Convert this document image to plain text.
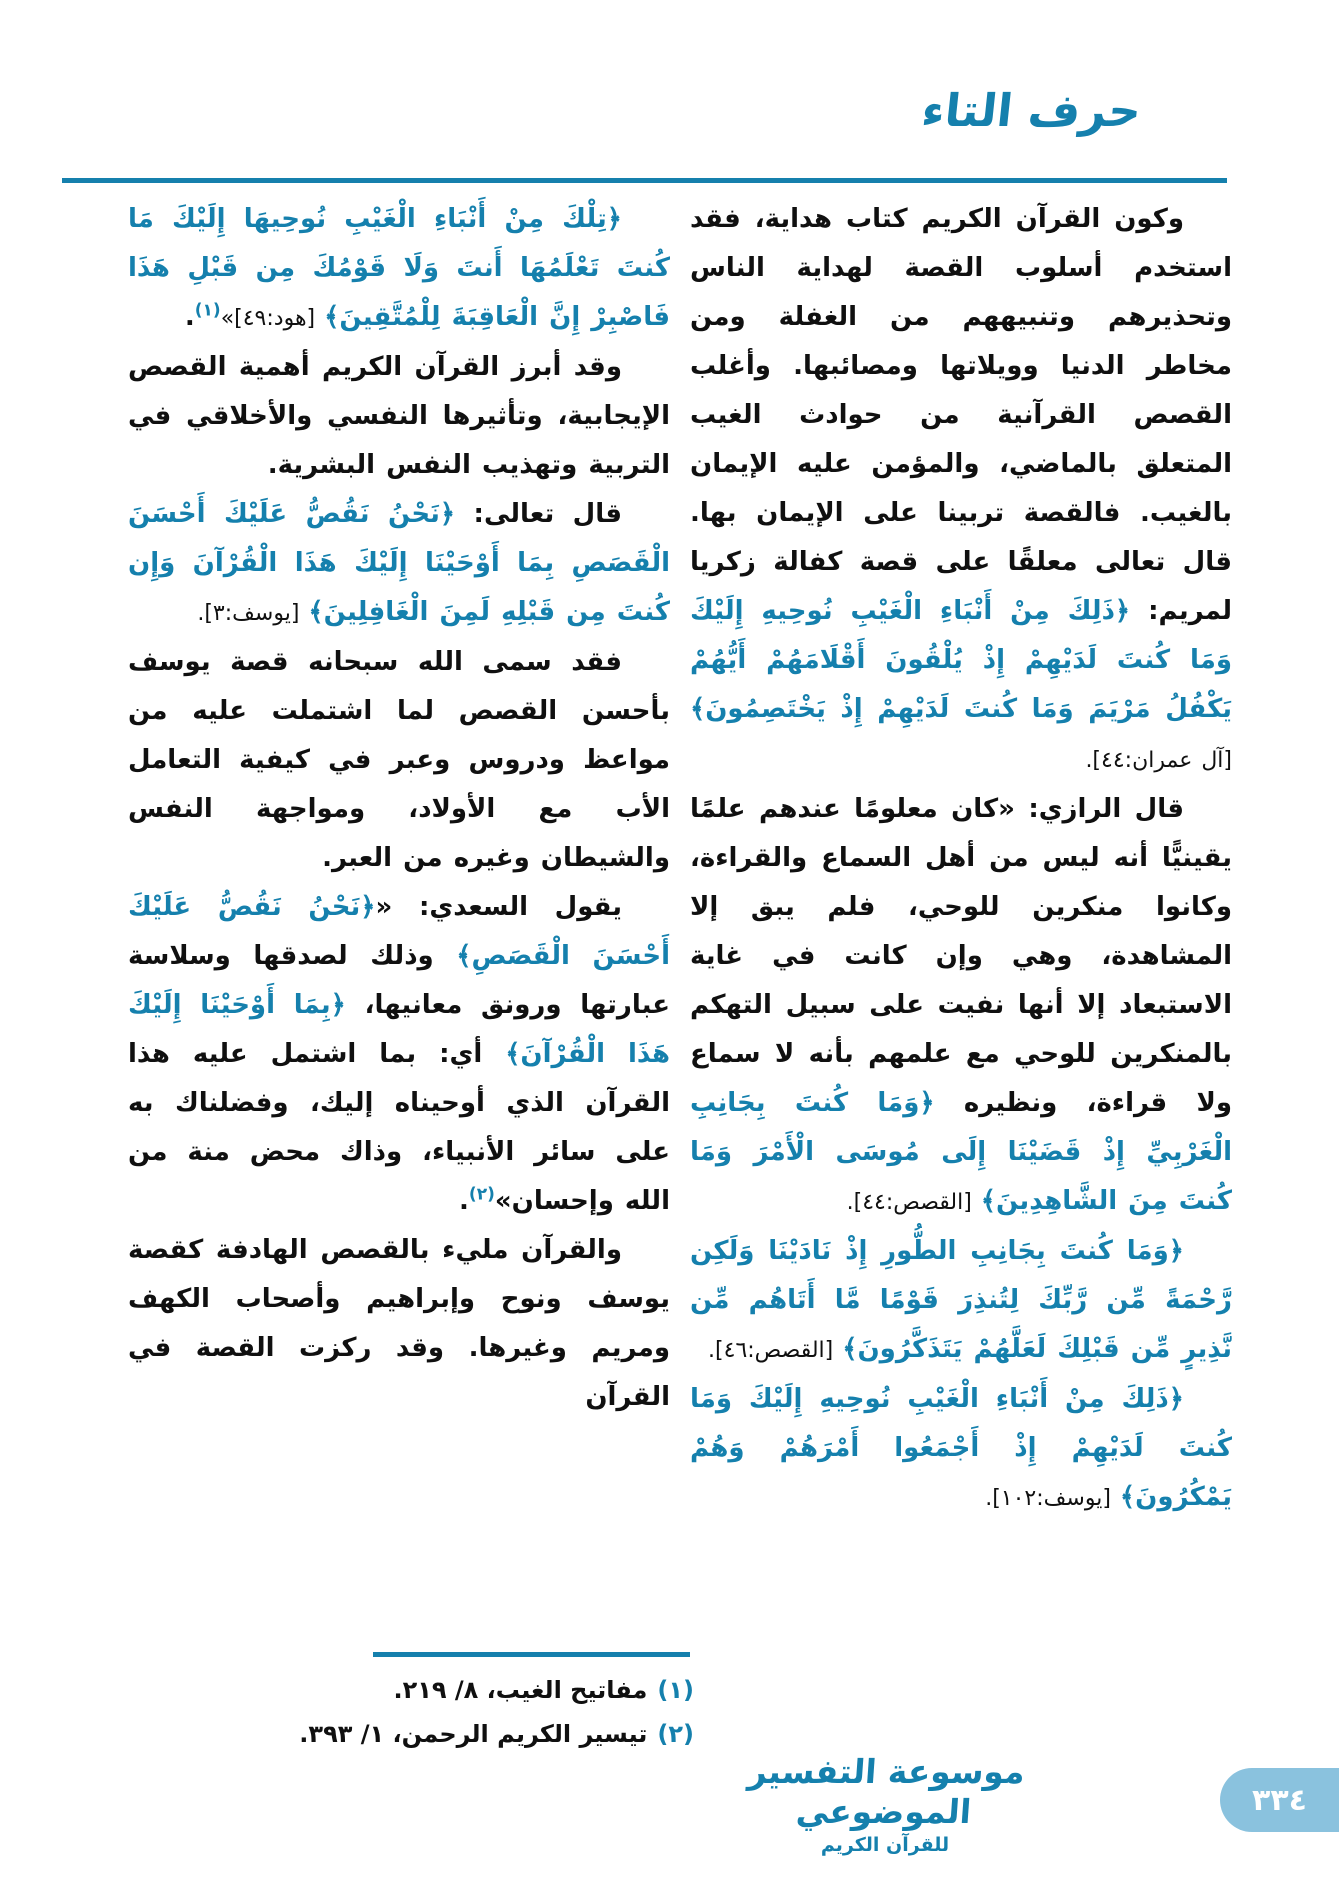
حرف التاء

وكون القرآن الكريم كتاب هداية، فقد استخدم أسلوب القصة لهداية الناس وتحذيرهم وتنبيههم من الغفلة ومن مخاطر الدنيا وويلاتها ومصائبها. وأغلب القصص القرآنية من حوادث الغيب المتعلق بالماضي، والمؤمن عليه الإيمان بالغيب. فالقصة تربينا على الإيمان بها. قال تعالى معلقًا على قصة كفالة زكريا لمريم: ﴿ذَلِكَ مِنْ أَنْبَاءِ الْغَيْبِ نُوحِيهِ إِلَيْكَ وَمَا كُنتَ لَدَيْهِمْ إِذْ يُلْقُونَ أَقْلَامَهُمْ أَيُّهُمْ يَكْفُلُ مَرْيَمَ وَمَا كُنتَ لَدَيْهِمْ إِذْ يَخْتَصِمُونَ﴾ [آل عمران:٤٤].

قال الرازي: «كان معلومًا عندهم علمًا يقينيًّا أنه ليس من أهل السماع والقراءة، وكانوا منكرين للوحي، فلم يبق إلا المشاهدة، وهي وإن كانت في غاية الاستبعاد إلا أنها نفيت على سبيل التهكم بالمنكرين للوحي مع علمهم بأنه لا سماع ولا قراءة، ونظيره ﴿وَمَا كُنتَ بِجَانِبِ الْغَرْبِيِّ إِذْ قَضَيْنَا إِلَى مُوسَى الْأَمْرَ وَمَا كُنتَ مِنَ الشَّاهِدِينَ﴾ [القصص:٤٤].

﴿وَمَا كُنتَ بِجَانِبِ الطُّورِ إِذْ نَادَيْنَا وَلَكِن رَّحْمَةً مِّن رَّبِّكَ لِتُنذِرَ قَوْمًا مَّا أَتَاهُم مِّن نَّذِيرٍ مِّن قَبْلِكَ لَعَلَّهُمْ يَتَذَكَّرُونَ﴾ [القصص:٤٦].

﴿ذَلِكَ مِنْ أَنْبَاءِ الْغَيْبِ نُوحِيهِ إِلَيْكَ وَمَا كُنتَ لَدَيْهِمْ إِذْ أَجْمَعُوا أَمْرَهُمْ وَهُمْ يَمْكُرُونَ﴾ [يوسف:١٠٢].

﴿تِلْكَ مِنْ أَنْبَاءِ الْغَيْبِ نُوحِيهَا إِلَيْكَ مَا كُنتَ تَعْلَمُهَا أَنتَ وَلَا قَوْمُكَ مِن قَبْلِ هَذَا فَاصْبِرْ إِنَّ الْعَاقِبَةَ لِلْمُتَّقِينَ﴾ [هود:٤٩]»$^{(١)}$.

وقد أبرز القرآن الكريم أهمية القصص الإيجابية، وتأثيرها النفسي والأخلاقي في التربية وتهذيب النفس البشرية.

قال تعالى: ﴿نَحْنُ نَقُصُّ عَلَيْكَ أَحْسَنَ الْقَصَصِ بِمَا أَوْحَيْنَا إِلَيْكَ هَذَا الْقُرْآنَ وَإِن كُنتَ مِن قَبْلِهِ لَمِنَ الْغَافِلِينَ﴾ [يوسف:٣].

فقد سمى الله سبحانه قصة يوسف بأحسن القصص لما اشتملت عليه من مواعظ ودروس وعبر في كيفية التعامل الأب مع الأولاد، ومواجهة النفس والشيطان وغيره من العبر.

يقول السعدي: «﴿نَحْنُ نَقُصُّ عَلَيْكَ أَحْسَنَ الْقَصَصِ﴾ وذلك لصدقها وسلاسة عبارتها ورونق معانيها، ﴿بِمَا أَوْحَيْنَا إِلَيْكَ هَذَا الْقُرْآنَ﴾ أي: بما اشتمل عليه هذا القرآن الذي أوحيناه إليك، وفضلناك به على سائر الأنبياء، وذاك محض منة من الله وإحسان»$^{(٢)}$.

والقرآن مليء بالقصص الهادفة كقصة يوسف ونوح وإبراهيم وأصحاب الكهف ومريم وغيرها. وقد ركزت القصة في القرآن

(١)مفاتيح الغيب، ٨/ ٢١٩.
(٢)تيسير الكريم الرحمن، ١/ ٣٩٣.
موسوعة التفسير الموضوعي
للقرآن الكريم
٣٣٤
